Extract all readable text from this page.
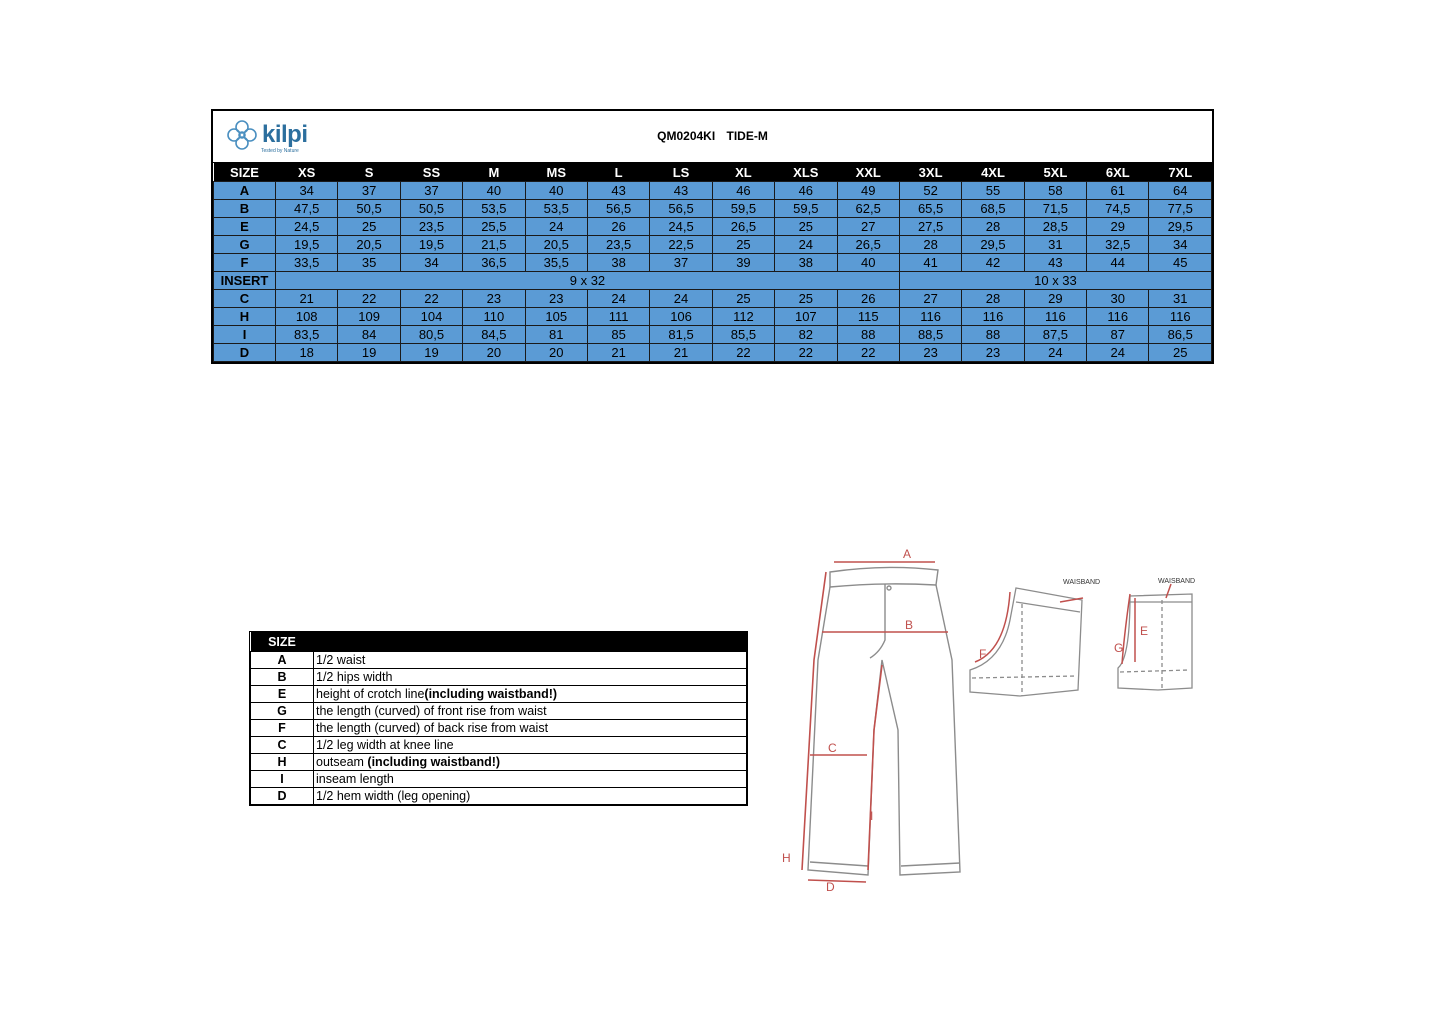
kilpi
Tested by Nature
QM0204KI TIDE-M
SIZE	XS	S	SS	M	MS	L	LS	XL	XLS	XXL	3XL	4XL	5XL	6XL	7XL
A	34	37	37	40	40	43	43	46	46	49	52	55	58	61	64
B	47,5	50,5	50,5	53,5	53,5	56,5	56,5	59,5	59,5	62,5	65,5	68,5	71,5	74,5	77,5
E	24,5	25	23,5	25,5	24	26	24,5	26,5	25	27	27,5	28	28,5	29	29,5
G	19,5	20,5	19,5	21,5	20,5	23,5	22,5	25	24	26,5	28	29,5	31	32,5	34
F	33,5	35	34	36,5	35,5	38	37	39	38	40	41	42	43	44	45
INSERT	9 x 32										10 x 33				
C	21	22	22	23	23	24	24	25	25	26	27	28	29	30	31
H	108	109	104	110	105	111	106	112	107	115	116	116	116	116	116
I	83,5	84	80,5	84,5	81	85	81,5	85,5	82	88	88,5	88	87,5	87	86,5
D	18	19	19	20	20	21	21	22	22	22	23	23	24	24	25
SIZE	
A	1/2 waist
B	1/2 hips width
E	height of crotch line(including waistband!)
G	the length (curved) of front rise from waist
F	the length (curved) of back rise from waist
C	1/2 leg width at knee line
H	outseam (including waistband!)
I	inseam length
D	1/2 hem width (leg opening)
A
B
C
D
H
I
F
E
G
WAISBAND	WAISBAND
